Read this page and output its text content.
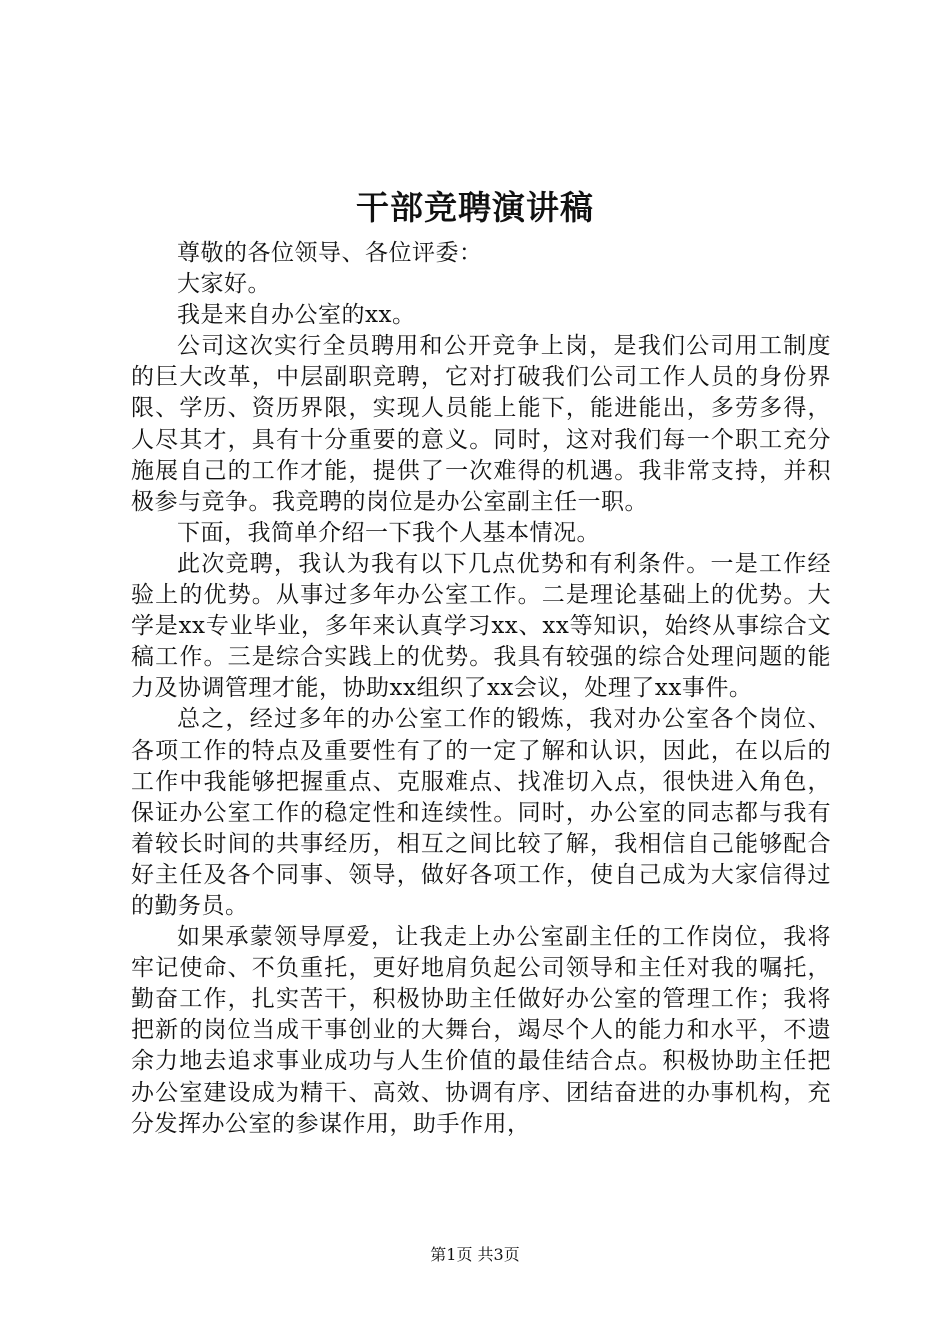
干部竞聘演讲稿

尊敬的各位领导、各位评委：

大家好。

我是来自办公室的xx。

公司这次实行全员聘用和公开竞争上岗，是我们公司用工制度的巨大改革，中层副职竞聘，它对打破我们公司工作人员的身份界限、学历、资历界限，实现人员能上能下，能进能出，多劳多得，人尽其才，具有十分重要的意义。同时，这对我们每一个职工充分施展自己的工作才能，提供了一次难得的机遇。我非常支持，并积极参与竞争。我竞聘的岗位是办公室副主任一职。

下面，我简单介绍一下我个人基本情况。

此次竞聘，我认为我有以下几点优势和有利条件。一是工作经验上的优势。从事过多年办公室工作。二是理论基础上的优势。大学是xx专业毕业，多年来认真学习xx、xx等知识，始终从事综合文稿工作。三是综合实践上的优势。我具有较强的综合处理问题的能力及协调管理才能，协助xx组织了xx会议，处理了xx事件。

总之，经过多年的办公室工作的锻炼，我对办公室各个岗位、各项工作的特点及重要性有了的一定了解和认识，因此，在以后的工作中我能够把握重点、克服难点、找准切入点，很快进入角色，保证办公室工作的稳定性和连续性。同时，办公室的同志都与我有着较长时间的共事经历，相互之间比较了解，我相信自己能够配合好主任及各个同事、领导，做好各项工作，使自己成为大家信得过的勤务员。

如果承蒙领导厚爱，让我走上办公室副主任的工作岗位，我将牢记使命、不负重托，更好地肩负起公司领导和主任对我的嘱托，勤奋工作，扎实苦干，积极协助主任做好办公室的管理工作；我将把新的岗位当成干事创业的大舞台，竭尽个人的能力和水平，不遗余力地去追求事业成功与人生价值的最佳结合点。积极协助主任把办公室建设成为精干、高效、协调有序、团结奋进的办事机构，充分发挥办公室的参谋作用，助手作用，

第1页 共3页
